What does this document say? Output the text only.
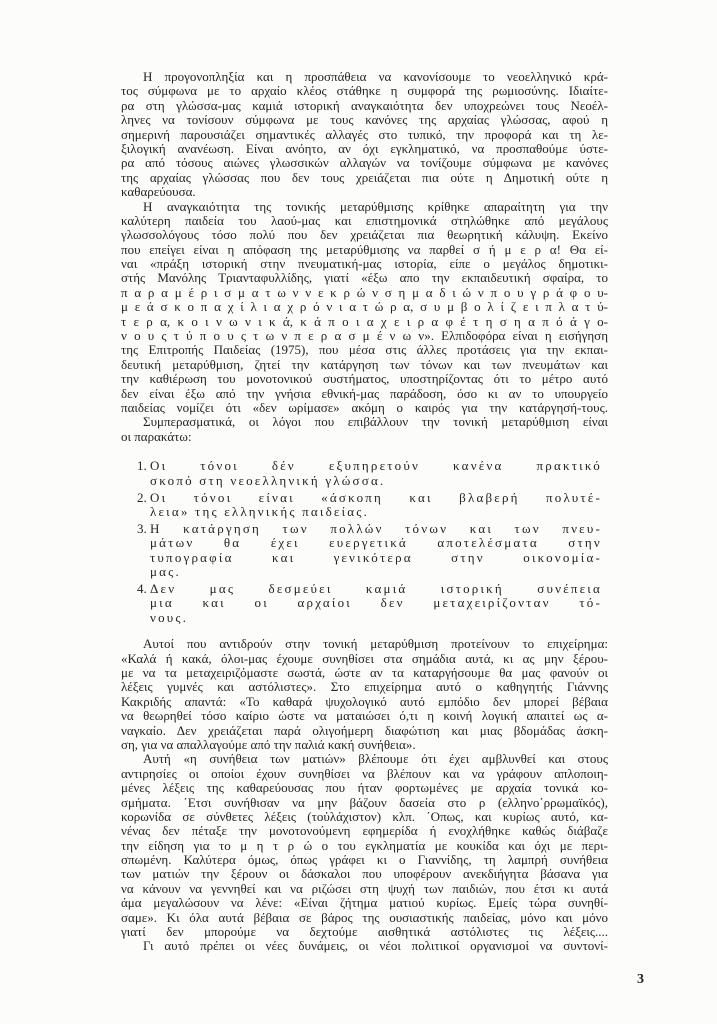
Η προγονοπληξία και η προσπάθεια να κανονίσουμε το νεοελληνικό κρά-
τος σύμφωνα με το αρχαίο κλέος στάθηκε η συμφορά της ρωμιοσύνης. Ιδιαίτε-
ρα στη γλώσσα-μας καμιά ιστορική αναγκαιότητα δεν υποχρεώνει τους Νεοέλ-
ληνες να τονίσουν σύμφωνα με τους κανόνες της αρχαίας γλώσσας, αφού η
σημερινή παρουσιάζει σημαντικές αλλαγές στο τυπικό, την προφορά και τη λε-
ξιλογική ανανέωση. Είναι ανόητο, αν όχι εγκληματικό, να προσπαθούμε ύστε-
ρα από τόσους αιώνες γλωσσικών αλλαγών να τονίζουμε σύμφωνα με κανόνες
της αρχαίας γλώσσας που δεν τους χρειάζεται πια ούτε η Δημοτική ούτε η
καθαρεύουσα.
Η αναγκαιότητα της τονικής μεταρύθμισης κρίθηκε απαραίτητη για την
καλύτερη παιδεία του λαού-μας και επιστημονικά στηλώθηκε από μεγάλους
γλωσσολόγους τόσο πολύ που δεν χρειάζεται πια θεωρητική κάλυψη. Εκείνο
που επείγει είναι η απόφαση της μεταρύθμισης να παρθεί σ ή μ ε ρ α! Θα εί-
ναι «πράξη ιστορική στην πνευματική-μας ιστορία, είπε ο μεγάλος δημοτικι-
στής Μανόλης Τριανταφυλλίδης, γιατί «έξω απο την εκπαιδευτική σφαίρα, το
π α ρ α μ έ ρ ι σ μ α τ ω ν ν ε κ ρ ώ ν σ η μ α δ ι ώ ν π ο υ γ ρ ά φ ο υ-
μ ε ά σ κ ο π α χ ί λ ι α χ ρ ό ν ι α τ ώ ρ α, σ υ μ β ο λ ί ζ ε ι π λ α τ ύ-
τ ε ρ α, κ ο ι ν ω ν ι κ ά, κ ά π ο ι α χ ε ι ρ α φ έ τ η σ η α π ό ά γ ο-
ν ο υ ς τ ύ π ο υ ς τ ω ν π ε ρ α σ μ έ ν ω ν». Ελπιδοφόρα είναι η εισήγηση
της Επιτροπής Παιδείας (1975), που μέσα στις άλλες προτάσεις για την εκπαι-
δευτική μεταρύθμιση, ζητεί την κατάργηση των τόνων και των πνευμάτων και
την καθιέρωση του μονοτονικού συστήματος, υποστηρίζοντας ότι το μέτρο αυτό
δεν είναι έξω από την γνήσια εθνική-μας παράδοση, όσο κι αν το υπουργείο
παιδείας νομίζει ότι «δεν ωρίμασε» ακόμη ο καιρός για την κατάργησή-τους.
Συμπερασματικά, οι λόγοι που επιβάλλουν την τονική μεταρύθμιση είναι
οι παρακάτω:
1. Οι τόνοι δέν εξυπηρετούν κανένα πρακτικό
σκοπό στη νεοελληνική γλώσσα.
2. Οι τόνοι είναι «άσκοπη και βλαβερή πολυτέ-
λεια» της ελληνικής παιδείας.
3. Η κατάργηση των πολλών τόνων και των πνευ-
μάτων θα έχει ευεργετικά αποτελέσματα στην
τυπογραφία και γενικότερα στην οικονομία-
μας.
4. Δεν μας δεσμεύει καμιά ιστορική συνέπεια
μια και οι αρχαίοι δεν μεταχειρίζονταν τό-
νους.
Αυτοί που αντιδρούν στην τονική μεταρύθμιση προτείνουν το επιχείρημα:
«Καλά ή κακά, όλοι-μας έχουμε συνηθίσει στα σημάδια αυτά, κι ας μην ξέρου-
με να τα μεταχειριζόμαστε σωστά, ώστε αν τα καταργήσουμε θα μας φανούν οι
λέξεις γυμνές και αστόλιστες». Στο επιχείρημα αυτό ο καθηγητής Γιάννης
Κακριδής απαντά: «Το καθαρά ψυχολογικό αυτό εμπόδιο δεν μπορεί βέβαια
να θεωρηθεί τόσο καίριο ώστε να ματαιώσει ό,τι η κοινή λογική απαιτεί ως α-
ναγκαίο. Δεν χρειάζεται παρά ολιγοήμερη διαφώτιση και μιας βδομάδας άσκη-
ση, για να απαλλαγούμε από την παλιά κακή συνήθεια».
Αυτή «η συνήθεια των ματιών» βλέπουμε ότι έχει αμβλυνθεί και στους
αντιρησίες οι οποίοι έχουν συνηθίσει να βλέπουν και να γράφουν απλοποιη-
μένες λέξεις της καθαρεύουσας που ήταν φορτωμένες με αρχαία τονικά κο-
σμήματα. ΄Ετσι συνήθισαν να μην βάζουν δασεία στο ρ (ελληνο῾ρρωμαϊκός),
κορωνίδα σε σύνθετες λέξεις (τοὐλάχιστον) κλπ. ΄Οπως, και κυρίως αυτό, κα-
νένας δεν πέταξε την μονοτονούμενη εφημερίδα ή ενοχλήθηκε καθώς διάβαζε
την είδηση για το μ η τ ρ ώ ο του εγκληματία με κουκίδα και όχι με περι-
σπωμένη. Καλύτερα όμως, όπως γράφει κι ο Γιαννίδης, τη λαμπρή συνήθεια
των ματιών την ξέρουν οι δάσκαλοι που υποφέρουν ανεκδιήγητα βάσανα για
να κάνουν να γεννηθεί και να ριζώσει στη ψυχή των παιδιών, που έτσι κι αυτά
άμα μεγαλώσουν να λένε: «Είναι ζήτημα ματιού κυρίως. Εμείς τώρα συνηθί-
σαμε». Κι όλα αυτά βέβαια σε βάρος της ουσιαστικής παιδείας, μόνο και μόνο
γιατί δεν μπορούμε να δεχτούμε αισθητικά αστόλιστες τις λέξεις....
Γι αυτό πρέπει οι νέες δυνάμεις, οι νέοι πολιτικοί οργανισμοί να συντονί-
3
